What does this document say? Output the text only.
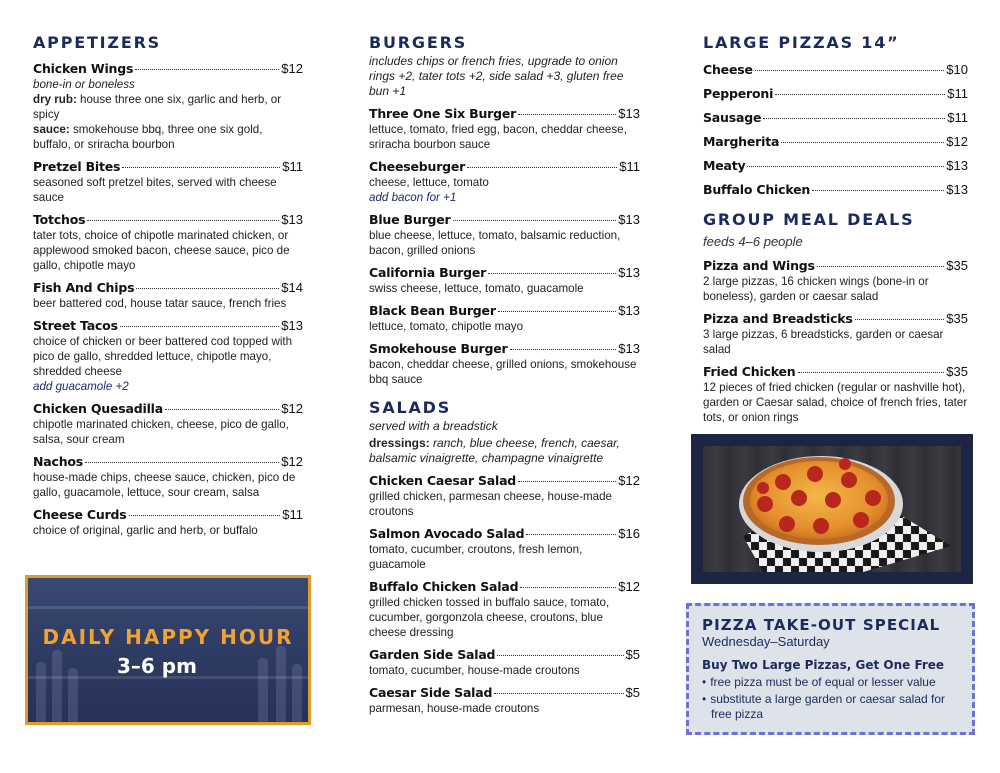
APPETIZERS
Chicken Wings	$12
bone-in or boneless
dry rub: house three one six, garlic and herb, or spicy
sauce: smokehouse bbq, three one six gold, buffalo, or sriracha bourbon
Pretzel Bites	$11
seasoned soft pretzel bites, served with cheese sauce
Totchos	$13
tater tots, choice of chipotle marinated chicken, or applewood smoked bacon, cheese sauce, pico de gallo, chipotle mayo
Fish And Chips	$14
beer battered cod, house tatar sauce, french fries
Street Tacos	$13
choice of chicken or beer battered cod topped with pico de gallo, shredded lettuce, chipotle mayo, shredded cheese
add guacamole +2
Chicken Quesadilla	$12
chipotle marinated chicken, cheese, pico de gallo, salsa, sour cream
Nachos	$12
house-made chips, cheese sauce, chicken, pico de gallo, guacamole, lettuce, sour cream, salsa
Cheese Curds	$11
choice of original, garlic and herb, or buffalo
DAILY HAPPY HOUR
3–6 pm
BURGERS
includes chips or french fries, upgrade to onion rings +2, tater tots +2, side salad +3, gluten free bun +1
Three One Six Burger	$13
lettuce, tomato, fried egg, bacon, cheddar cheese, sriracha bourbon sauce
Cheeseburger	$11
cheese, lettuce, tomato
add bacon for +1
Blue Burger	$13
blue cheese, lettuce, tomato, balsamic reduction, bacon, grilled onions
California Burger	$13
swiss cheese, lettuce, tomato, guacamole
Black Bean Burger	$13
lettuce, tomato, chipotle mayo
Smokehouse Burger	$13
bacon, cheddar cheese, grilled onions, smokehouse bbq sauce
SALADS
served with a breadstick
dressings: ranch, blue cheese, french, caesar, balsamic vinaigrette, champagne vinaigrette
Chicken Caesar Salad	$12
grilled chicken, parmesan cheese, house-made croutons
Salmon Avocado Salad	$16
tomato, cucumber, croutons, fresh lemon, guacamole
Buffalo Chicken Salad	$12
grilled chicken tossed in buffalo sauce, tomato, cucumber, gorgonzola cheese, croutons, blue cheese dressing
Garden Side Salad	$5
tomato, cucumber, house-made croutons
Caesar Side Salad	$5
parmesan, house-made croutons
LARGE PIZZAS 14”
Cheese	$10
Pepperoni	$11
Sausage	$11
Margherita	$12
Meaty	$13
Buffalo Chicken	$13
GROUP MEAL DEALS
feeds 4–6 people
Pizza and Wings	$35
2 large pizzas, 16 chicken wings (bone-in or boneless), garden or caesar salad
Pizza and Breadsticks	$35
3 large pizzas, 6 breadsticks, garden or caesar salad
Fried Chicken	$35
12 pieces of fried chicken (regular or nashville hot), garden or Caesar salad, choice of french fries, tater tots, or onion rings
PIZZA TAKE-OUT SPECIAL
Wednesday–Saturday
Buy Two Large Pizzas, Get One Free
• free pizza must be of equal or lesser value
• substitute a large garden or caesar salad for free pizza
